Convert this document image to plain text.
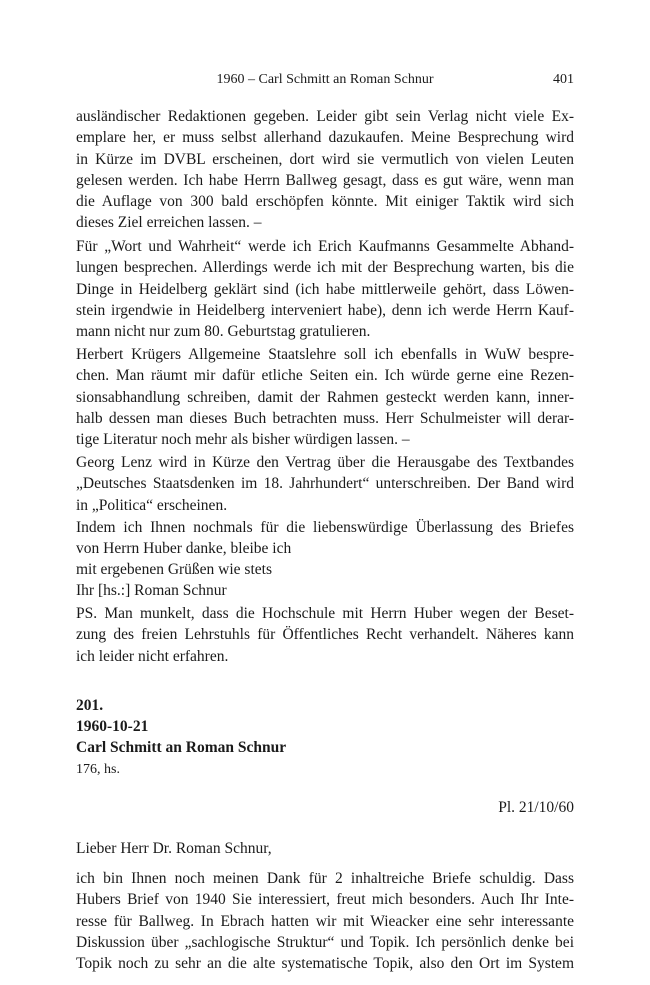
1960 – Carl Schmitt an Roman Schnur	401
ausländischer Redaktionen gegeben. Leider gibt sein Verlag nicht viele Ex-
emplare her, er muss selbst allerhand dazukaufen. Meine Besprechung wird
in Kürze im DVBL erscheinen, dort wird sie vermutlich von vielen Leuten
gelesen werden. Ich habe Herrn Ballweg gesagt, dass es gut wäre, wenn man
die Auflage von 300 bald erschöpfen könnte. Mit einiger Taktik wird sich
dieses Ziel erreichen lassen. –
Für „Wort und Wahrheit“ werde ich Erich Kaufmanns Gesammelte Abhand-
lungen besprechen. Allerdings werde ich mit der Besprechung warten, bis die
Dinge in Heidelberg geklärt sind (ich habe mittlerweile gehört, dass Löwen-
stein irgendwie in Heidelberg interveniert habe), denn ich werde Herrn Kauf-
mann nicht nur zum 80. Geburtstag gratulieren.
Herbert Krügers Allgemeine Staatslehre soll ich ebenfalls in WuW bespre-
chen. Man räumt mir dafür etliche Seiten ein. Ich würde gerne eine Rezen-
sionsabhandlung schreiben, damit der Rahmen gesteckt werden kann, inner-
halb dessen man dieses Buch betrachten muss. Herr Schulmeister will derar-
tige Literatur noch mehr als bisher würdigen lassen. –
Georg Lenz wird in Kürze den Vertrag über die Herausgabe des Textbandes
„Deutsches Staatsdenken im 18. Jahrhundert“ unterschreiben. Der Band wird
in „Politica“ erscheinen.
Indem ich Ihnen nochmals für die liebenswürdige Überlassung des Briefes
von Herrn Huber danke, bleibe ich
mit ergebenen Grüßen wie stets
Ihr [hs.:] Roman Schnur
PS. Man munkelt, dass die Hochschule mit Herrn Huber wegen der Beset-
zung des freien Lehrstuhls für Öffentliches Recht verhandelt. Näheres kann
ich leider nicht erfahren.
201.
1960-10-21
Carl Schmitt an Roman Schnur
176, hs.
Pl. 21/10/60
Lieber Herr Dr. Roman Schnur,
ich bin Ihnen noch meinen Dank für 2 inhaltreiche Briefe schuldig. Dass
Hubers Brief von 1940 Sie interessiert, freut mich besonders. Auch Ihr Inte-
resse für Ballweg. In Ebrach hatten wir mit Wieacker eine sehr interessante
Diskussion über „sachlogische Struktur“ und Topik. Ich persönlich denke bei
Topik noch zu sehr an die alte systematische Topik, also den Ort im System
